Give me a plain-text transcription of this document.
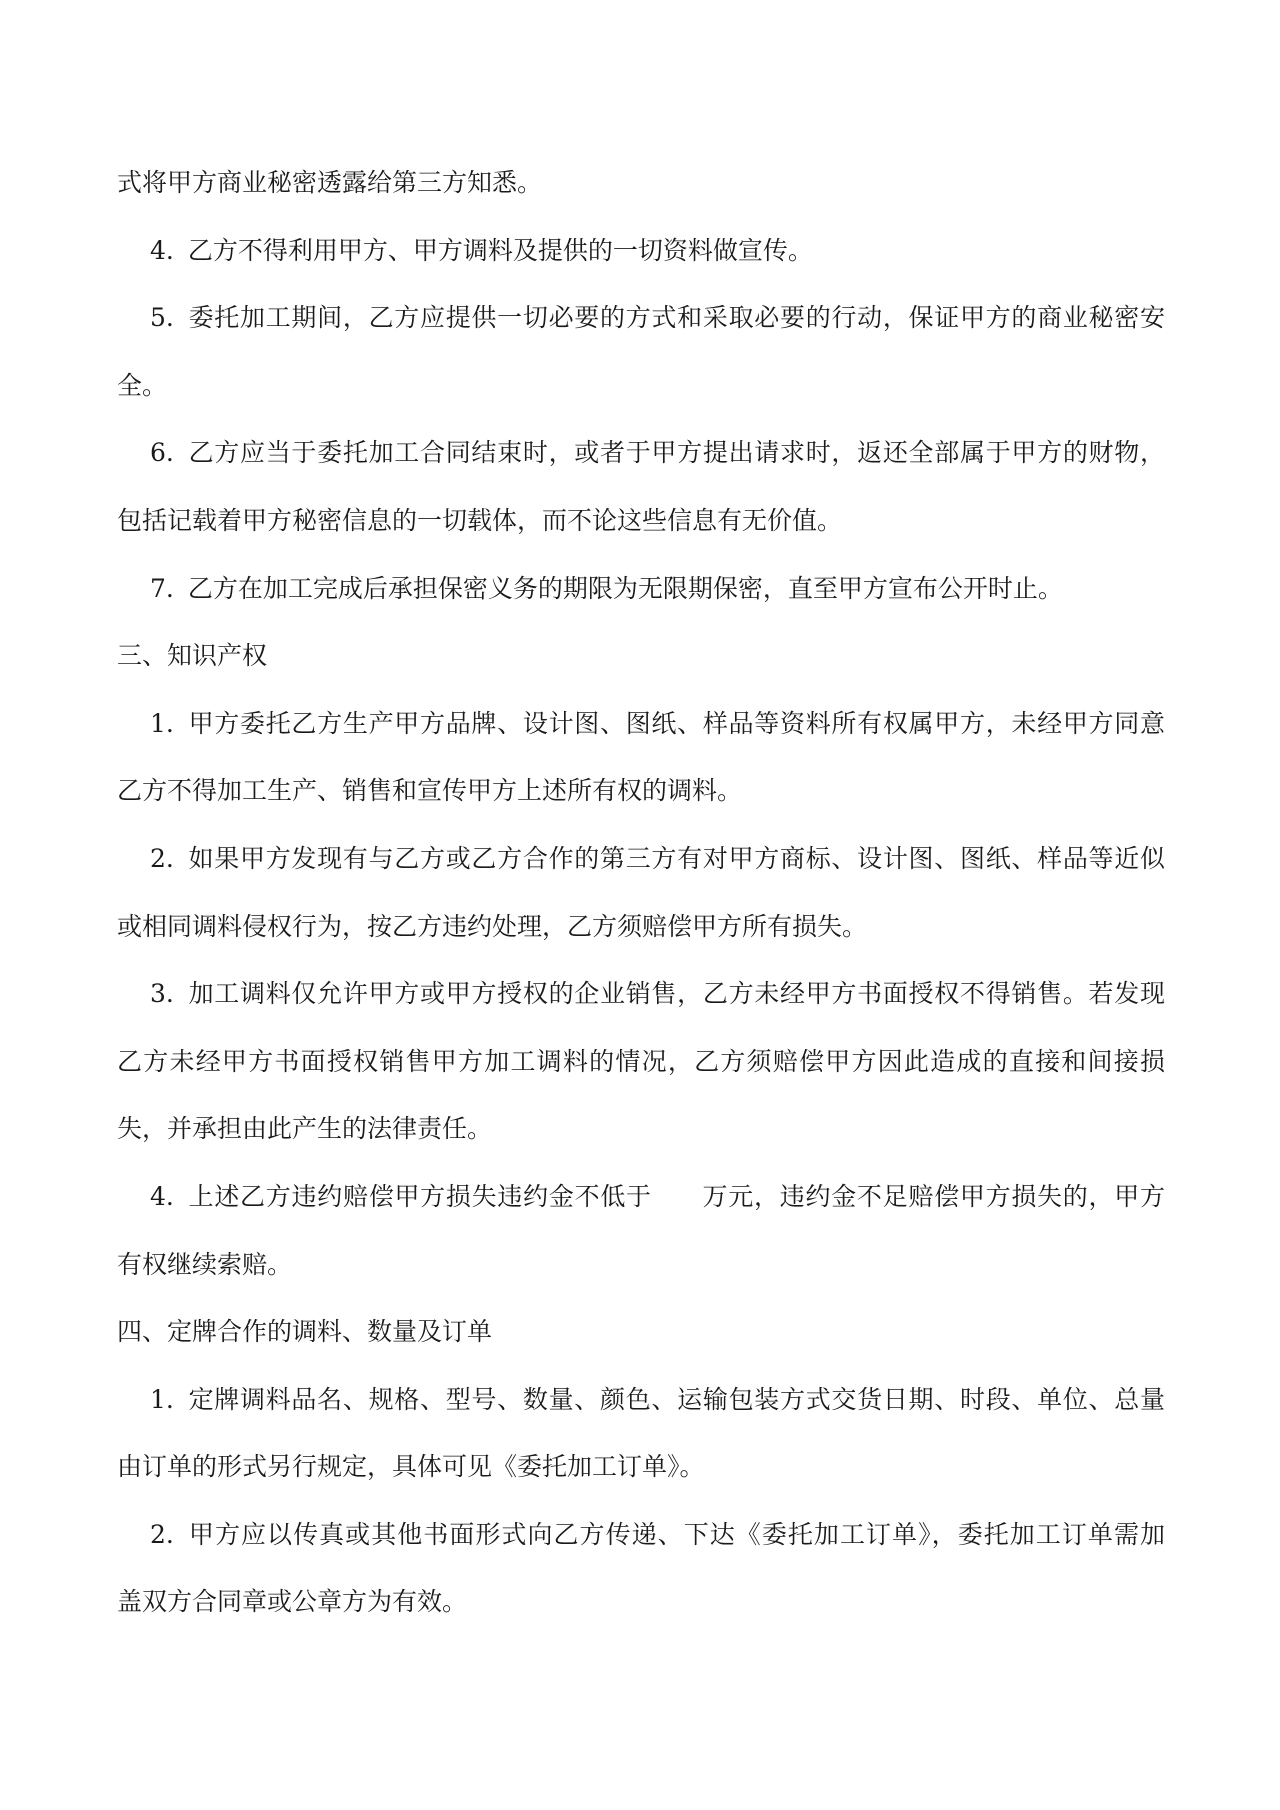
式将甲方商业秘密透露给第三方知悉。
4. 乙方不得利用甲方、甲方调料及提供的一切资料做宣传。
5. 委托加工期间，乙方应提供一切必要的方式和采取必要的行动，保证甲方的商业秘密安
全。
6. 乙方应当于委托加工合同结束时，或者于甲方提出请求时，返还全部属于甲方的财物，
包括记载着甲方秘密信息的一切载体，而不论这些信息有无价值。
7. 乙方在加工完成后承担保密义务的期限为无限期保密，直至甲方宣布公开时止。
三、知识产权
1. 甲方委托乙方生产甲方品牌、设计图、图纸、样品等资料所有权属甲方，未经甲方同意
乙方不得加工生产、销售和宣传甲方上述所有权的调料。
2. 如果甲方发现有与乙方或乙方合作的第三方有对甲方商标、设计图、图纸、样品等近似
或相同调料侵权行为，按乙方违约处理，乙方须赔偿甲方所有损失。
3. 加工调料仅允许甲方或甲方授权的企业销售，乙方未经甲方书面授权不得销售。若发现
乙方未经甲方书面授权销售甲方加工调料的情况，乙方须赔偿甲方因此造成的直接和间接损
失，并承担由此产生的法律责任。
4. 上述乙方违约赔偿甲方损失违约金不低于 万元，违约金不足赔偿甲方损失的，甲方
有权继续索赔。
四、定牌合作的调料、数量及订单
1. 定牌调料品名、规格、型号、数量、颜色、运输包装方式交货日期、时段、单位、总量
由订单的形式另行规定，具体可见《委托加工订单》。
2. 甲方应以传真或其他书面形式向乙方传递、下达《委托加工订单》，委托加工订单需加
盖双方合同章或公章方为有效。
